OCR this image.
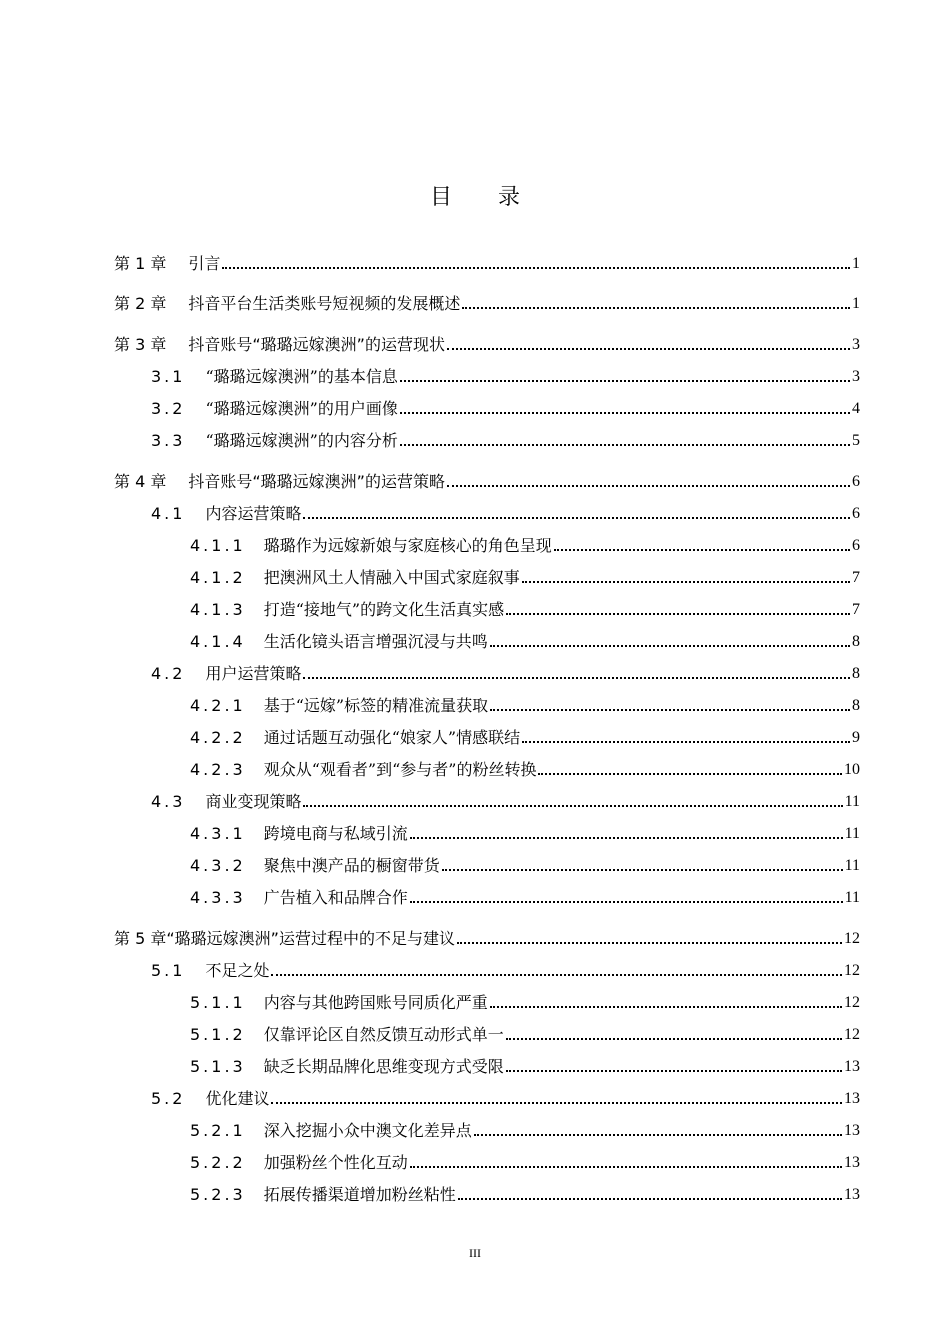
目录
第 1 章 引言	1
第 2 章 抖音平台生活类账号短视频的发展概述	1
第 3 章 抖音账号“璐璐远嫁澳洲”的运营现状	3
3.1 “璐璐远嫁澳洲”的基本信息	3
3.2 “璐璐远嫁澳洲”的用户画像	4
3.3 “璐璐远嫁澳洲”的内容分析	5
第 4 章 抖音账号“璐璐远嫁澳洲”的运营策略	6
4.1 内容运营策略	6
4.1.1 璐璐作为远嫁新娘与家庭核心的角色呈现	6
4.1.2 把澳洲风土人情融入中国式家庭叙事	7
4.1.3 打造“接地气”的跨文化生活真实感	7
4.1.4 生活化镜头语言增强沉浸与共鸣	8
4.2 用户运营策略	8
4.2.1 基于“远嫁”标签的精准流量获取	8
4.2.2 通过话题互动强化“娘家人”情感联结	9
4.2.3 观众从“观看者”到“参与者”的粉丝转换	10
4.3 商业变现策略	11
4.3.1 跨境电商与私域引流	11
4.3.2 聚焦中澳产品的橱窗带货	11
4.3.3 广告植入和品牌合作	11
第 5 章 “璐璐远嫁澳洲”运营过程中的不足与建议	12
5.1 不足之处	12
5.1.1 内容与其他跨国账号同质化严重	12
5.1.2 仅靠评论区自然反馈互动形式单一	12
5.1.3 缺乏长期品牌化思维变现方式受限	13
5.2 优化建议	13
5.2.1 深入挖掘小众中澳文化差异点	13
5.2.2 加强粉丝个性化互动	13
5.2.3 拓展传播渠道增加粉丝粘性	13
III
